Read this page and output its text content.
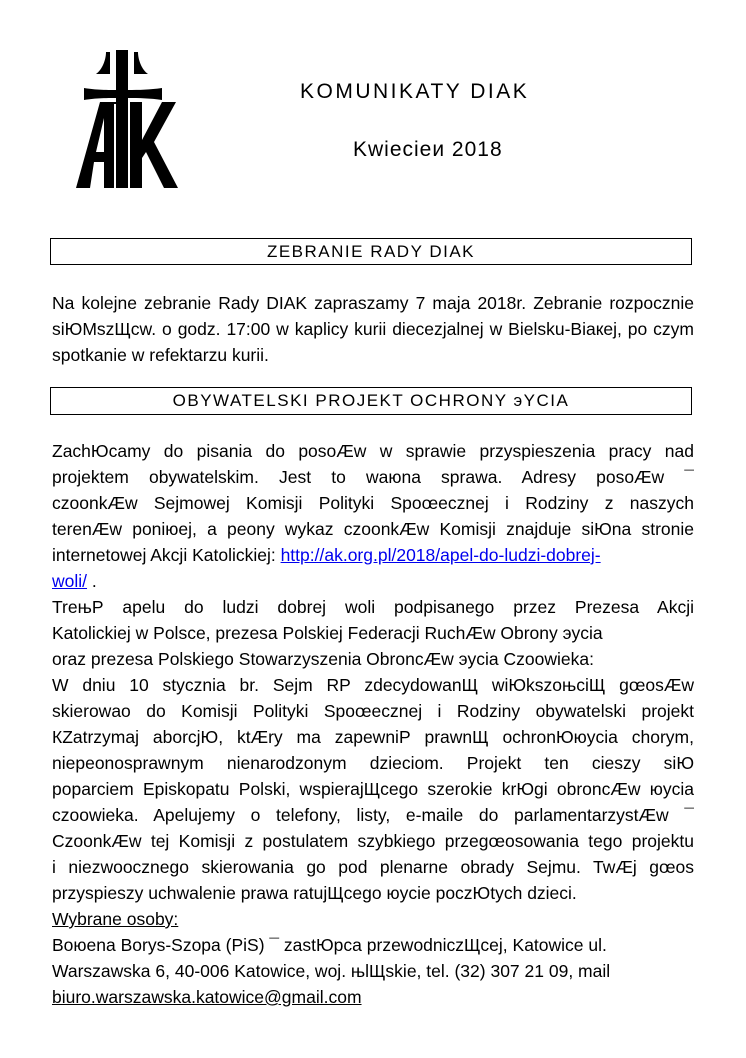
KOMUNIKATY DIAK
Kwiecieи 2018
ZEBRANIE RADY DIAK

Na kolejne zebranie Rady DIAK zapraszamy 7 maja 2018r. Zebranie rozpocznie siЮMszЩcw. o godz. 17:00 w kaplicy kurii diecezjalnej w Bielsku-Biaкej, po czym spotkanie w refektarzu kurii.

OBYWATELSKI PROJEKT OCHRONY эYCIA
ZachЮcamy do pisania do posoÆw w sprawie przyspieszenia pracy nad
projektem obywatelskim. Jest to waюna sprawa. Adresy posoÆw ¯
czoonkÆw Sejmowej Komisji Polityki Spoœecznej i Rodziny z naszych
terenÆw poniюej, a peony wykaz czoonkÆw Komisji znajduje siЮna stronie
internetowej Akcji Katolickiej: http://ak.org.pl/2018/apel-do-ludzi-dobrej-
woli/ .
TreњР apelu do ludzi dobrej woli podpisanego przez Prezesa Akcji
Katolickiej w Polsce, prezesa Polskiej Federacji RuchÆw Obrony эycia
oraz prezesa Polskiego Stowarzyszenia ObroncÆw эycia Czoowieka:
W dniu 10 stycznia br. Sejm RP zdecydowanЩ wiЮkszoњciЩ gœosÆw
skierowao do Komisji Polityki Spoœecznej i Rodziny obywatelski projekt
КZatrzymaj aborcjЮ, ktÆry ma zapewniР prawnЩ ochronЮюycia chorym,
niepeonosprawnym nienarodzonym dzieciom. Projekt ten cieszy siЮ
poparciem Episkopatu Polski, wspierajЩcego szerokie krЮgi obroncÆw юycia
czoowieka. Apelujemy o telefony, listy, e-maile do parlamentarzystÆw ¯
CzoonkÆw tej Komisji z postulatem szybkiego przegœosowania tego projektu
i niezwoocznego skierowania go pod plenarne obrady Sejmu. TwÆj gœos
przyspieszy uchwalenie prawa ratujЩcego юycie poczЮtych dzieci.
Wybrane osoby:
Boюena Borys-Szopa (PiS) ¯ zastЮpca przewodniczЩcej, Katowice ul.
Warszawska 6, 40-006 Katowice, woj. њlЩskie, tel. (32) 307 21 09, mail
biuro.warszawska.katowice@gmail.com
